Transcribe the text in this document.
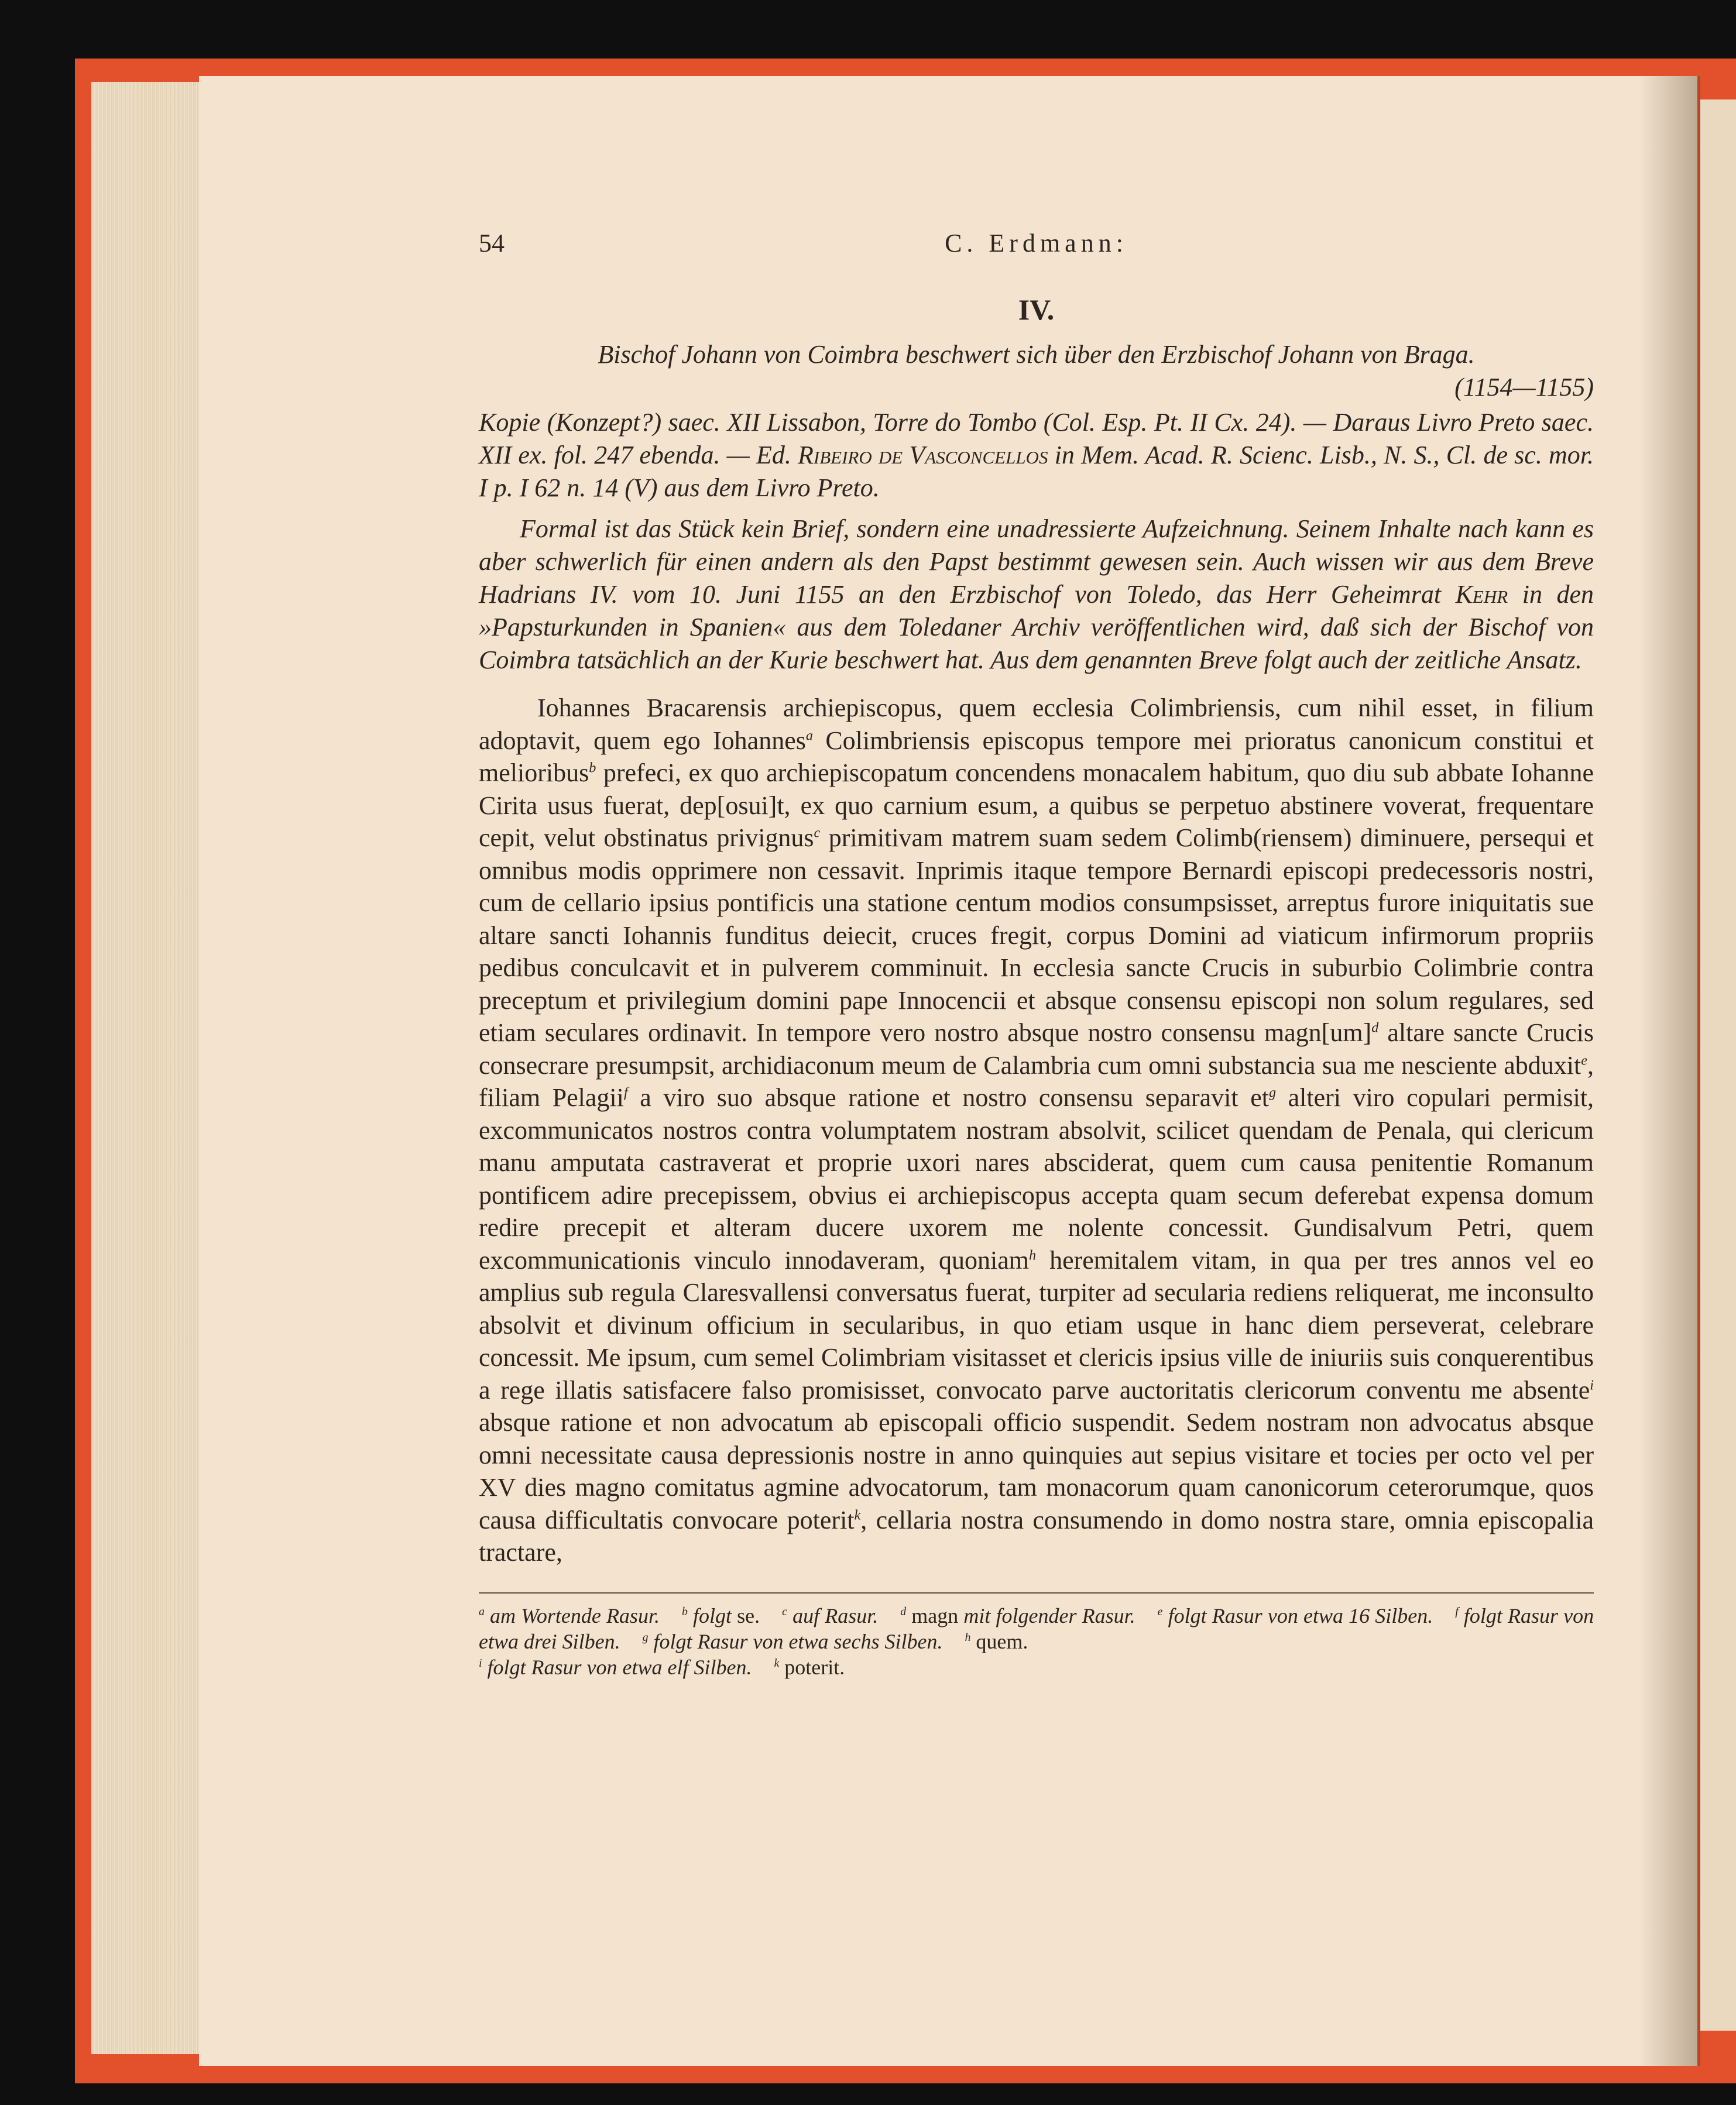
54	C. Erdmann:
IV.
Bischof Johann von Coimbra beschwert sich über den Erzbischof Johann von Braga.
(1154—1155)
Kopie (Konzept?) saec. XII Lissabon, Torre do Tombo (Col. Esp. Pt. II Cx. 24). — Daraus Livro Preto saec. XII ex. fol. 247 ebenda. — Ed. Ribeiro de Vasconcellos in Mem. Acad. R. Scienc. Lisb., N. S., Cl. de sc. mor. I p. I 62 n. 14 (V) aus dem Livro Preto.
Formal ist das Stück kein Brief, sondern eine unadressierte Aufzeichnung. Seinem Inhalte nach kann es aber schwerlich für einen andern als den Papst bestimmt gewesen sein. Auch wissen wir aus dem Breve Hadrians IV. vom 10. Juni 1155 an den Erzbischof von Toledo, das Herr Geheimrat Kehr in den »Papsturkunden in Spanien« aus dem Toledaner Archiv veröffentlichen wird, daß sich der Bischof von Coimbra tatsächlich an der Kurie beschwert hat. Aus dem genannten Breve folgt auch der zeitliche Ansatz.
Iohannes Bracarensis archiepiscopus, quem ecclesia Colimbriensis, cum nihil esset, in filium adoptavit, quem ego Iohannes$^a$ Colimbriensis episcopus tempore mei prioratus canonicum constitui et melioribus$^b$ prefeci, ex quo archiepiscopatum concendens monacalem habitum, quo diu sub abbate Iohanne Cirita usus fuerat, dep[osui]t, ex quo carnium esum, a quibus se perpetuo abstinere voverat, frequentare cepit, velut obstinatus privignus$^c$ primitivam matrem suam sedem Colimb(riensem) diminuere, persequi et omnibus modis opprimere non cessavit. Inprimis itaque tempore Bernardi episcopi predecessoris nostri, cum de cellario ipsius pontificis una statione centum modios consumpsisset, arreptus furore iniquitatis sue altare sancti Iohannis funditus deiecit, cruces fregit, corpus Domini ad viaticum infirmorum propriis pedibus conculcavit et in pulverem comminuit. In ecclesia sancte Crucis in suburbio Colimbrie contra preceptum et privilegium domini pape Innocencii et absque consensu episcopi non solum regulares, sed etiam seculares ordinavit. In tempore vero nostro absque nostro consensu magn[um]$^d$ altare sancte Crucis consecrare presumpsit, archidiaconum meum de Calambria cum omni substancia sua me nesciente abduxit$^e$, filiam Pelagii$^f$ a viro suo absque ratione et nostro consensu separavit $et^g$ alteri viro copulari permisit, excommunicatos nostros contra volumptatem nostram absolvit, scilicet quendam de Penala, qui clericum manu amputata castraverat et proprie uxori nares absciderat, quem cum causa penitentie Romanum pontificem adire precepissem, obvius ei archiepiscopus accepta quam secum deferebat expensa domum redire precepit et alteram ducere uxorem me nolente concessit. Gundisalvum Petri, quem excommunicationis vinculo innodaveram, quoniam$^h$ heremitalem vitam, in qua per tres annos vel eo amplius sub regula Claresvallensi conversatus fuerat, turpiter ad secularia rediens reliquerat, me inconsulto absolvit et divinum officium in secularibus, in quo etiam usque in hanc diem perseverat, celebrare concessit. Me ipsum, cum semel Colimbriam visitasset et clericis ipsius ville de iniuriis suis conquerentibus a rege illatis satisfacere falso promisisset, convocato parve auctoritatis clericorum conventu me absente$^i$ absque ratione et non advocatum ab episcopali officio suspendit. Sedem nostram non advocatus absque omni necessitate causa depressionis nostre in anno quinquies aut sepius visitare et tocies per octo vel per XV dies magno comitatus agmine advocatorum, tam monacorum quam canonicorum ceterorumque, quos causa difficultatis convocare poterit$^k$, cellaria nostra consumendo in domo nostra stare, omnia episcopalia tractare,
$^a$ am Wortende Rasur. $^b$ folgt se. $^c$ auf Rasur. $^d$ magn mit folgender Rasur. $^e$ folgt Rasur von etwa 16 Silben. $^f$ folgt Rasur von etwa drei Silben. $^g$ folgt Rasur von etwa sechs Silben. $^h$ quem.
$^i$ folgt Rasur von etwa elf Silben. $^k$ poterit.
